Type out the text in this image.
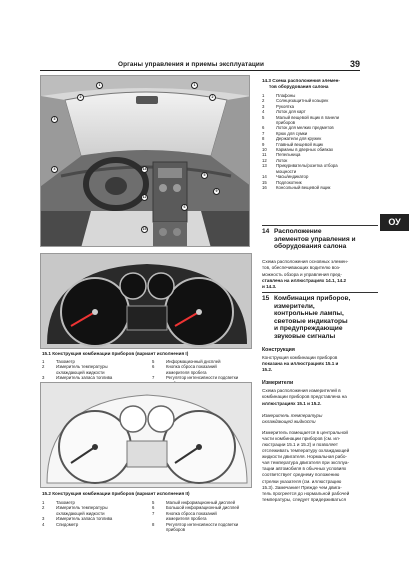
Органы управления и приемы эксплуатации	39
ОУ
1	1
2	2
3
4
5
6
9
12
14
15
14.3 Схема расположения элемен-
тов оборудования салона
1	Плафоны
2	Солнцезащитный козырек
3	Рукоятка
4	Лоток для карт
5	Малый вещевой ящик в панели
приборов
6	Лоток для мелких предметов
7	Крюк для сумки
8	Держатели для кружек
9	Главный вещевой ящик
10	Карманы в дверных обивках
11	Пепельница
12	Лоток
13	Прикуриватель/розетка отбора
мощности
14	Часы/индикатор
15	Подлокотник
16	Консольный вещевой ящик
14 Расположение
элементов управления и
оборудования салона
Схема расположения основных элемен-
тов, обеспечивающих водителю воз-
можность обзора и управления пред-
ставлена на иллюстрациях 14.1, 14.2
и 14.3.
15 Комбинация приборов,
измерители,
контрольные лампы,
световые индикаторы
и предупреждающие
звуковые сигналы
Конструкция
Конструкция комбинации приборов
показана на иллюстрациях 15.1 и
15.2.
Измерители
Схема расположения измерителей в
комбинации приборов представлена на
иллюстрациях 15.1 и 15.2.
Измеритель температуры
охлаждающей жидкости
Измеритель помещается в центральной
части комбинации приборов (см. ил-
люстрации 15.1 и 15.2) и позволяет
отслеживать температуру охлаждающей
жидкости двигателя. Нормальная рабо-
чая температура двигателя при эксплуа-
тации автомобиля в обычных условиях
соответствует среднему положению
стрелки указателя (см. иллюстрацию
15.3). Замечание! Прежде чем двига-
тель прогреется до нормальной рабочей
температуры, следует придерживаться
15.1 Конструкция комбинации приборов (вариант исполнения I)
1	Тахометр
2	Измеритель температуры
охлаждающей жидкости
3	Измеритель запаса топлива
5	Информационный дисплей
6	Кнопка сброса показаний
измерителя пробега
7	Регулятор интенсивности подсветки
15.2 Конструкция комбинации приборов (вариант исполнения II)
1	Тахометр
2	Измеритель температуры
охлаждающей жидкости
3	Измеритель запаса топлива
4	Спидометр
5	Малый информационный дисплей
6	Большой информационный дисплей
7	Кнопка сброса показаний
измерителя пробега
8	Регулятор интенсивности подсветки
приборов
